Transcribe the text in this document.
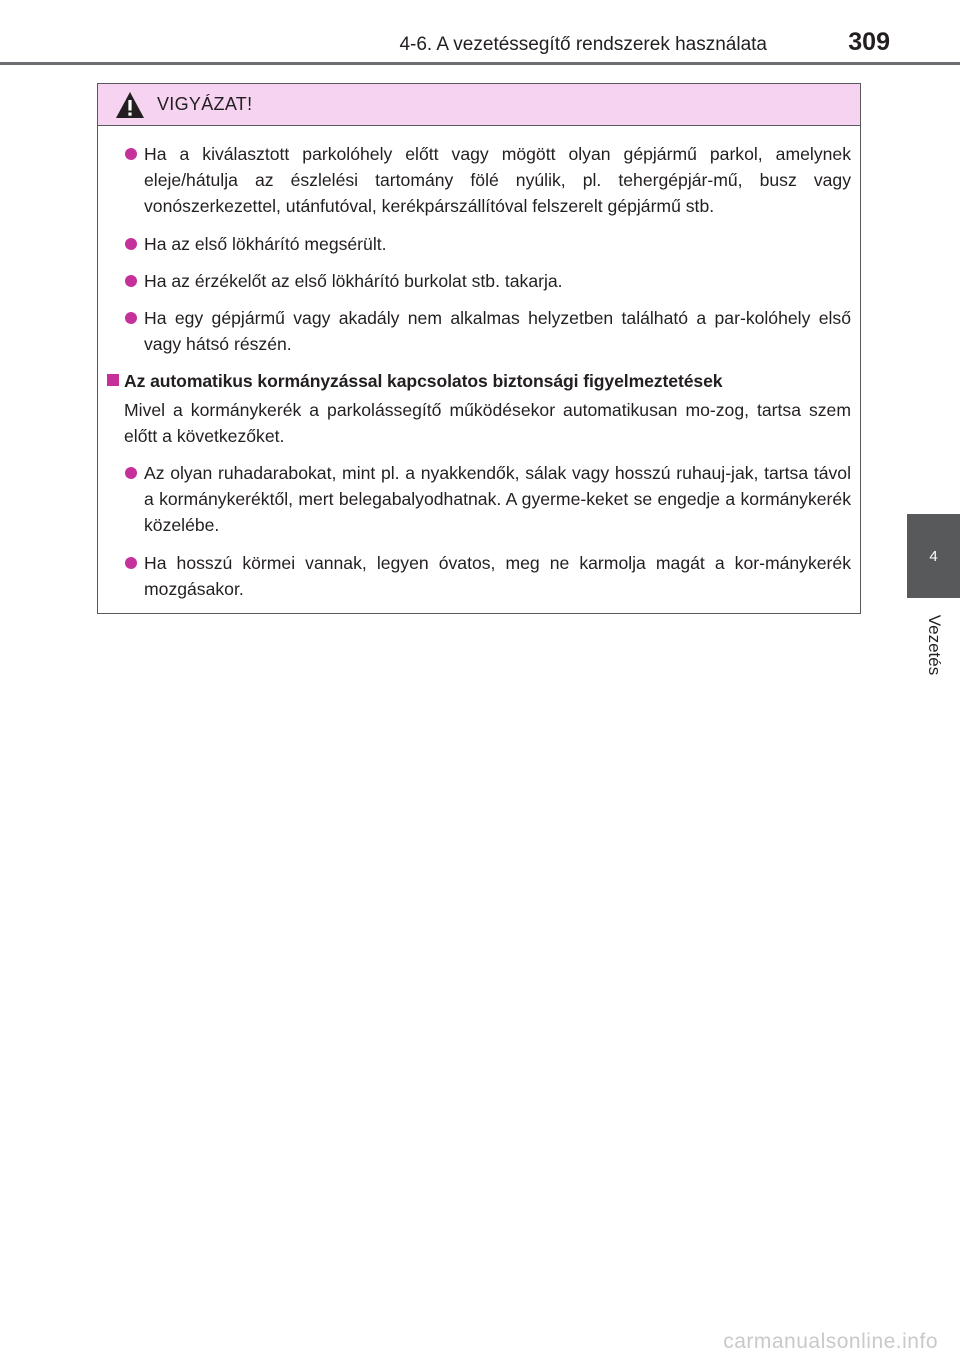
4-6. A vezetéssegítő rendszerek használata	309
4
Vezetés
VIGYÁZAT!
Ha a kiválasztott parkolóhely előtt vagy mögött olyan gépjármű parkol, amelynek eleje/hátulja az észlelési tartomány fölé nyúlik, pl. tehergépjár-mű, busz vagy vonószerkezettel, utánfutóval, kerékpárszállítóval felszerelt gépjármű stb.
Ha az első lökhárító megsérült.
Ha az érzékelőt az első lökhárító burkolat stb. takarja.
Ha egy gépjármű vagy akadály nem alkalmas helyzetben található a par-kolóhely első vagy hátsó részén.
Az automatikus kormányzással kapcsolatos biztonsági figyelmeztetések
Mivel a kormánykerék a parkolássegítő működésekor automatikusan mo-zog, tartsa szem előtt a következőket.
Az olyan ruhadarabokat, mint pl. a nyakkendők, sálak vagy hosszú ruhauj-jak, tartsa távol a kormánykeréktől, mert belegabalyodhatnak. A gyerme-keket se engedje a kormánykerék közelébe.
Ha hosszú körmei vannak, legyen óvatos, meg ne karmolja magát a kor-mánykerék mozgásakor.
carmanualsonline.info
